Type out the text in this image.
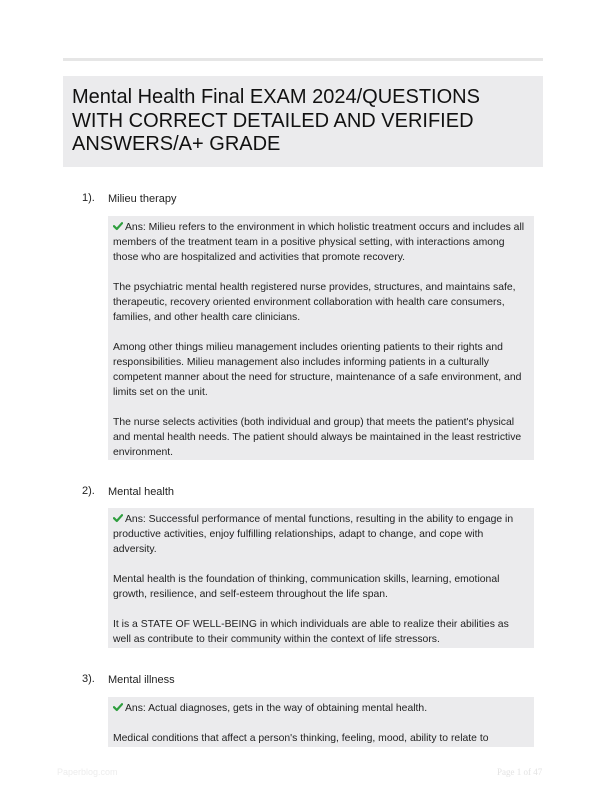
Mental Health Final EXAM 2024/QUESTIONS WITH CORRECT DETAILED AND VERIFIED ANSWERS/A+ GRADE
1). Milieu therapy

Ans: Milieu refers to the environment in which holistic treatment occurs and includes all members of the treatment team in a positive physical setting, with interactions among those who are hospitalized and activities that promote recovery.

The psychiatric mental health registered nurse provides, structures, and maintains safe, therapeutic, recovery oriented environment collaboration with health care consumers, families, and other health care clinicians.

Among other things milieu management includes orienting patients to their rights and responsibilities. Milieu management also includes informing patients in a culturally competent manner about the need for structure, maintenance of a safe environment, and limits set on the unit.

The nurse selects activities (both individual and group) that meets the patient's physical and mental health needs. The patient should always be maintained in the least restrictive environment.

2). Mental health

Ans: Successful performance of mental functions, resulting in the ability to engage in productive activities, enjoy fulfilling relationships, adapt to change, and cope with adversity.

Mental health is the foundation of thinking, communication skills, learning, emotional growth, resilience, and self-esteem throughout the life span.

It is a STATE OF WELL-BEING in which individuals are able to realize their abilities as well as contribute to their community within the context of life stressors.

3). Mental illness

Ans: Actual diagnoses, gets in the way of obtaining mental health.

Medical conditions that affect a person's thinking, feeling, mood, ability to relate to

Paperblog.com	Page 1 of 47
